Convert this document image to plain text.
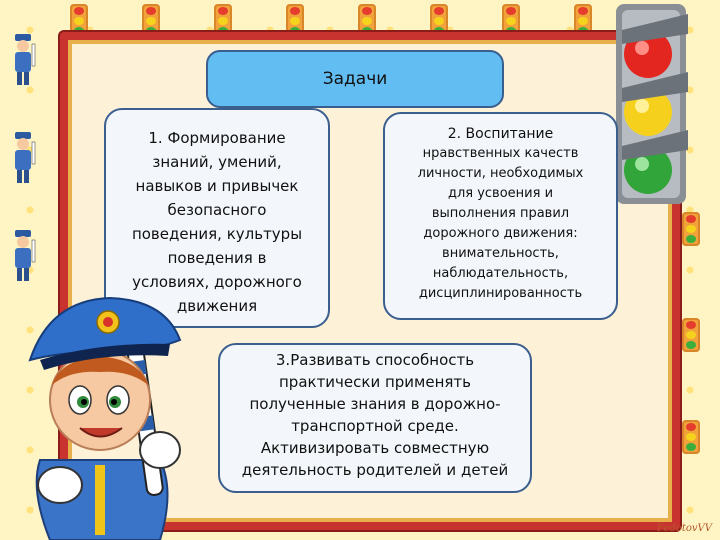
Задачи
1. Формирование
знаний, умений,
навыков и привычек
безопасного
поведения, культуры
поведения в
условиях, дорожного
движения
2. Воспитание
нравственных качеств
личности, необходимых
для усвоения и
выполнения правил
дорожного движения:
внимательность,
наблюдательность,
дисциплинированность
3.Развивать способность
практически применять
полученные знания в дорожно-
транспортной среде.
Активизировать совместную
деятельность родителей и детей
FedotovVV
